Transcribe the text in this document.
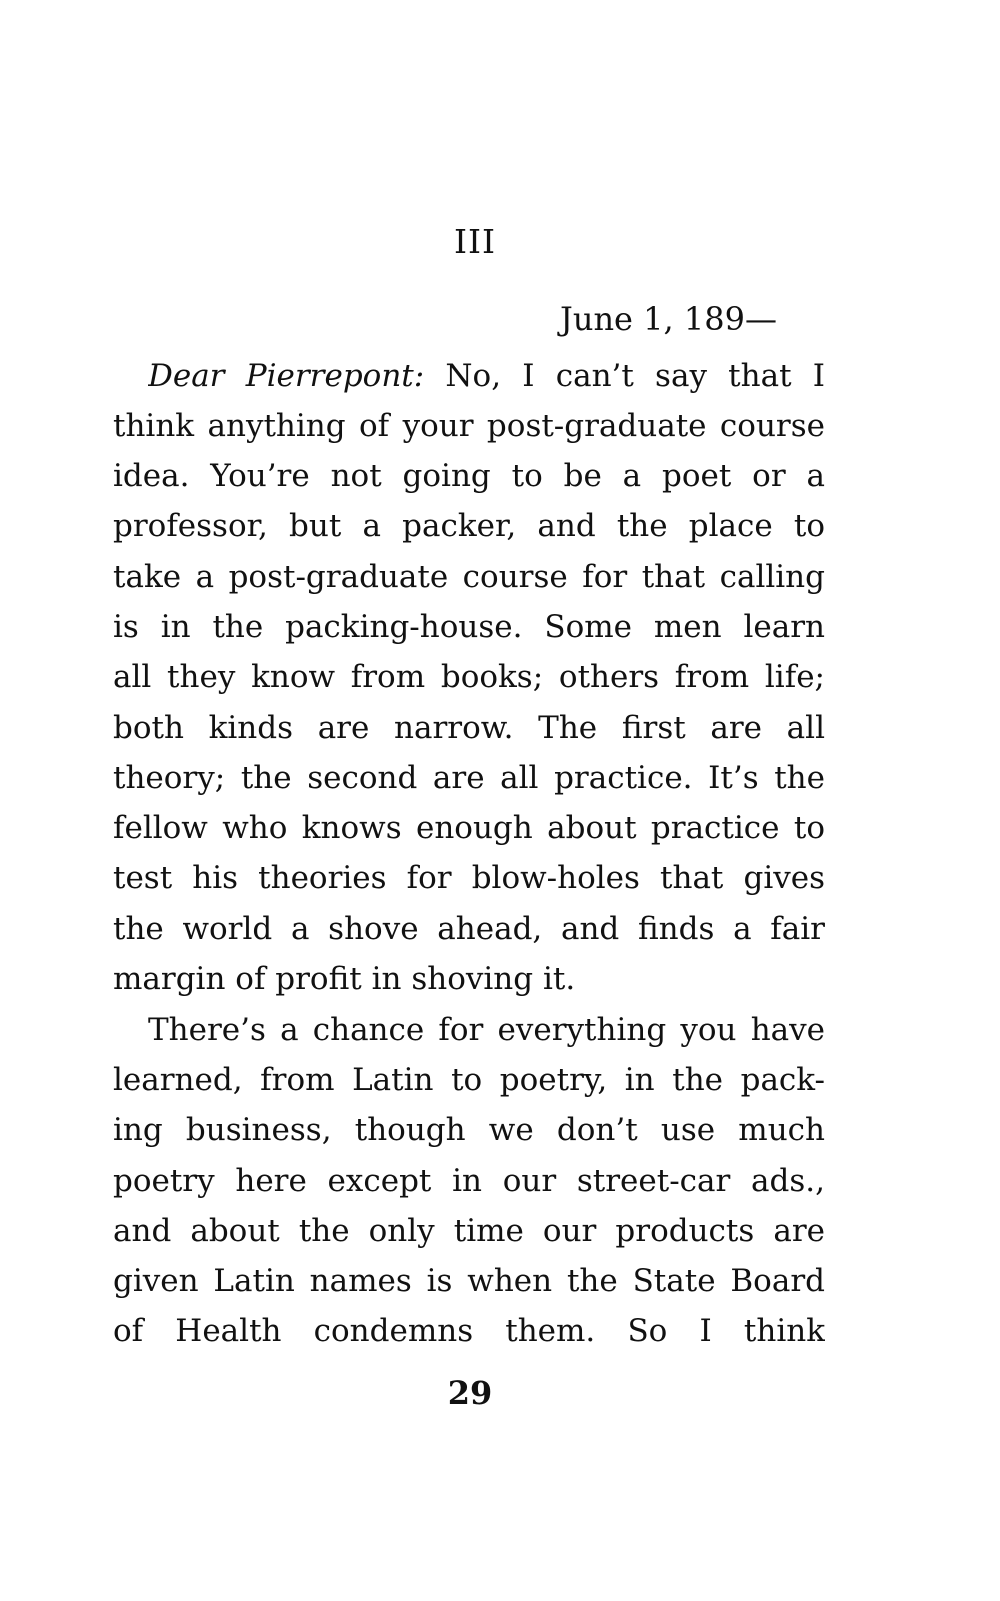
III
June 1, 189—
Dear Pierrepont: No, I can’t say that I
think anything of your post-graduate course
idea. You’re not going to be a poet or a
professor, but a packer, and the place to
take a post-graduate course for that calling
is in the packing-house. Some men learn
all they know from books; others from life;
both kinds are narrow. The first are all
theory; the second are all practice. It’s the
fellow who knows enough about practice to
test his theories for blow-holes that gives
the world a shove ahead, and finds a fair
margin of profit in shoving it.
There’s a chance for everything you have
learned, from Latin to poetry, in the pack-
ing business, though we don’t use much
poetry here except in our street-car ads.,
and about the only time our products are
given Latin names is when the State Board
of Health condemns them. So I think
29
